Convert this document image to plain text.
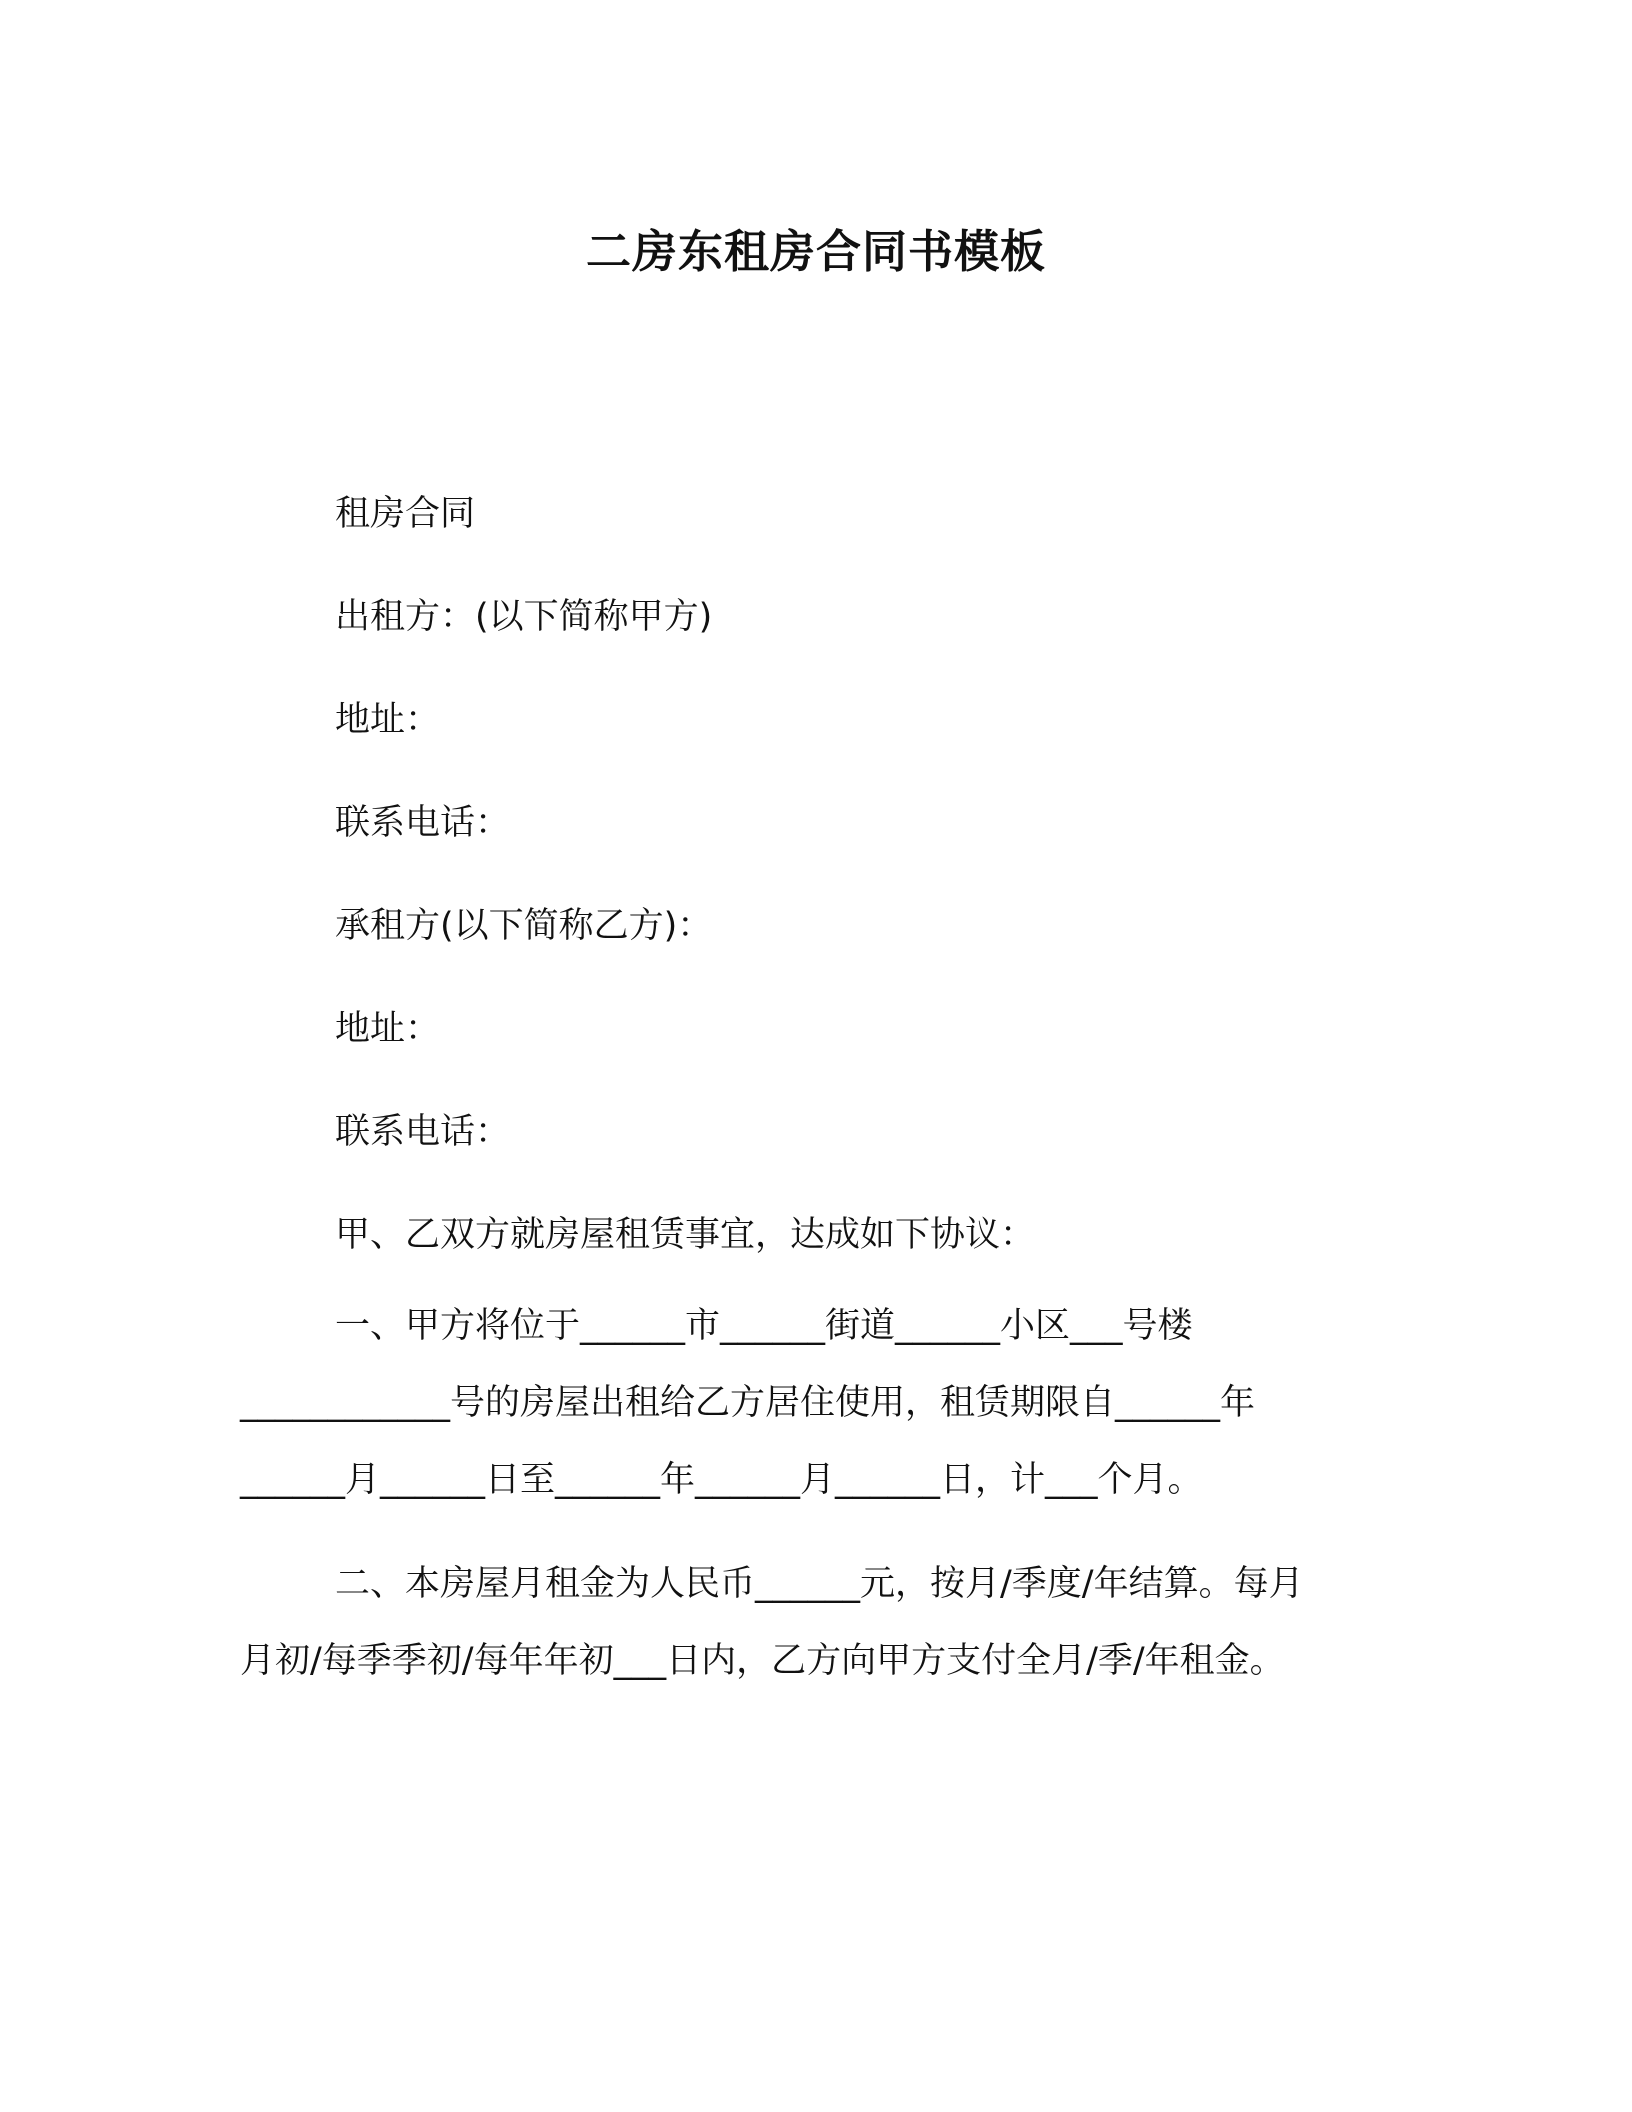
二房东租房合同书模板

租房合同

出租方：(以下简称甲方)

地址：

联系电话：

承租方(以下简称乙方)：

地址：

联系电话：

甲、乙双方就房屋租赁事宜，达成如下协议：

一、甲方将位于______市______街道______小区___号楼
____________号的房屋出租给乙方居住使用，租赁期限自______年
______月______日至______年______月______日，计___个月。
二、本房屋月租金为人民币______元，按月/季度/年结算。每月
月初/每季季初/每年年初___日内，乙方向甲方支付全月/季/年租金。
